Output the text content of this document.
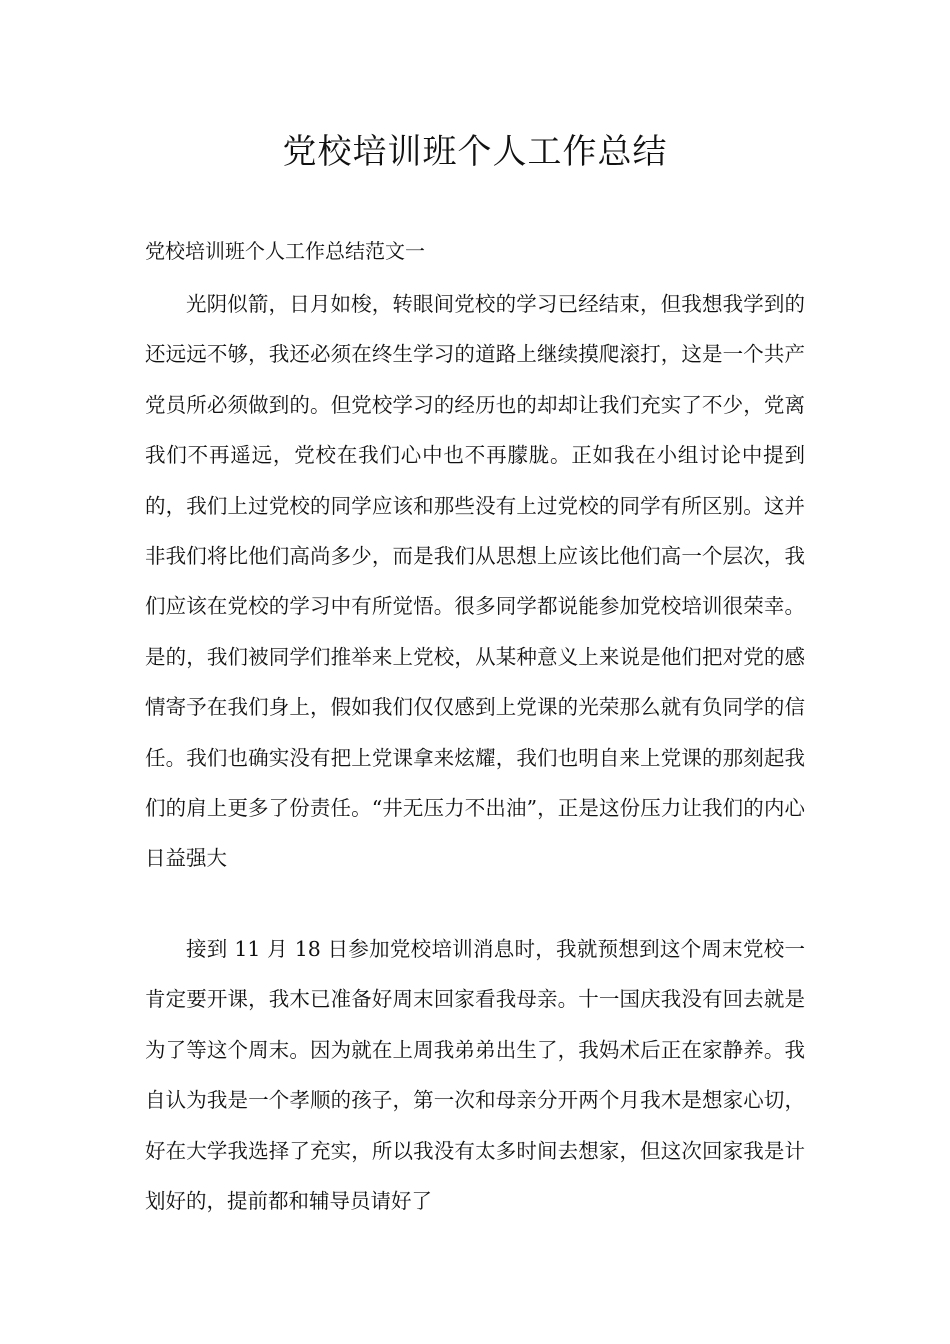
党校培训班个人工作总结

党校培训班个人工作总结范文一

光阴似箭，日月如梭，转眼间党校的学习已经结束，但我想我学到的还远远不够，我还必须在终生学习的道路上继续摸爬滚打，这是一个共产党员所必须做到的。但党校学习的经历也的却却让我们充实了不少，党离我们不再遥远，党校在我们心中也不再朦胧。正如我在小组讨论中提到的，我们上过党校的同学应该和那些没有上过党校的同学有所区别。这并非我们将比他们高尚多少，而是我们从思想上应该比他们高一个层次，我们应该在党校的学习中有所觉悟。很多同学都说能参加党校培训很荣幸。是的，我们被同学们推举来上党校，从某种意义上来说是他们把对党的感情寄予在我们身上，假如我们仅仅感到上党课的光荣那么就有负同学的信任。我们也确实没有把上党课拿来炫耀，我们也明自来上党课的那刻起我们的肩上更多了份责任。“井无压力不出油”，正是这份压力让我们的内心日益强大

接到 11 月 18 日参加党校培训消息时，我就预想到这个周末党校一肯定要开课，我木已准备好周末回家看我母亲。十一国庆我没有回去就是为了等这个周末。因为就在上周我弟弟出生了，我妈术后正在家静养。我自认为我是一个孝顺的孩子，第一次和母亲分开两个月我木是想家心切，好在大学我选择了充实，所以我没有太多时间去想家，但这次回家我是计划好的，提前都和辅导员请好了
